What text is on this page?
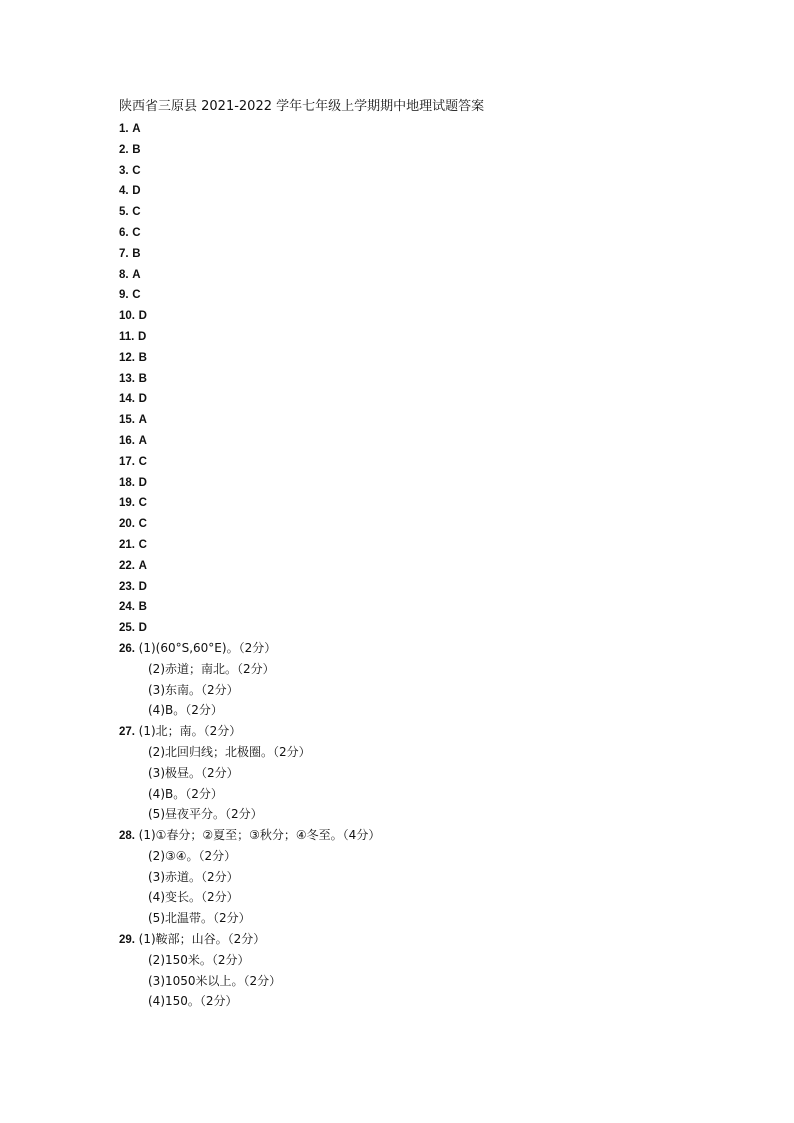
陕西省三原县 2021-2022 学年七年级上学期期中地理试题答案
1. A
2. B
3. C
4. D
5. C
6. C
7. B
8. A
9. C
10. D
11. D
12. B
13. B
14. D
15. A
16. A
17. C
18. D
19. C
20. C
21. C
22. A
23. D
24. B
25. D
26. (1)(60°S,60°E)。（2分）
(2)赤道；南北。（2分）
(3)东南。（2分）
(4)B。（2分）
27. (1)北；南。（2分）
(2)北回归线；北极圈。（2分）
(3)极昼。（2分）
(4)B。（2分）
(5)昼夜平分。（2分）
28. (1)①春分；②夏至；③秋分；④冬至。（4分）
(2)③④。（2分）
(3)赤道。（2分）
(4)变长。（2分）
(5)北温带。（2分）
29. (1)鞍部；山谷。（2分）
(2)150米。（2分）
(3)1050米以上。（2分）
(4)150。（2分）
